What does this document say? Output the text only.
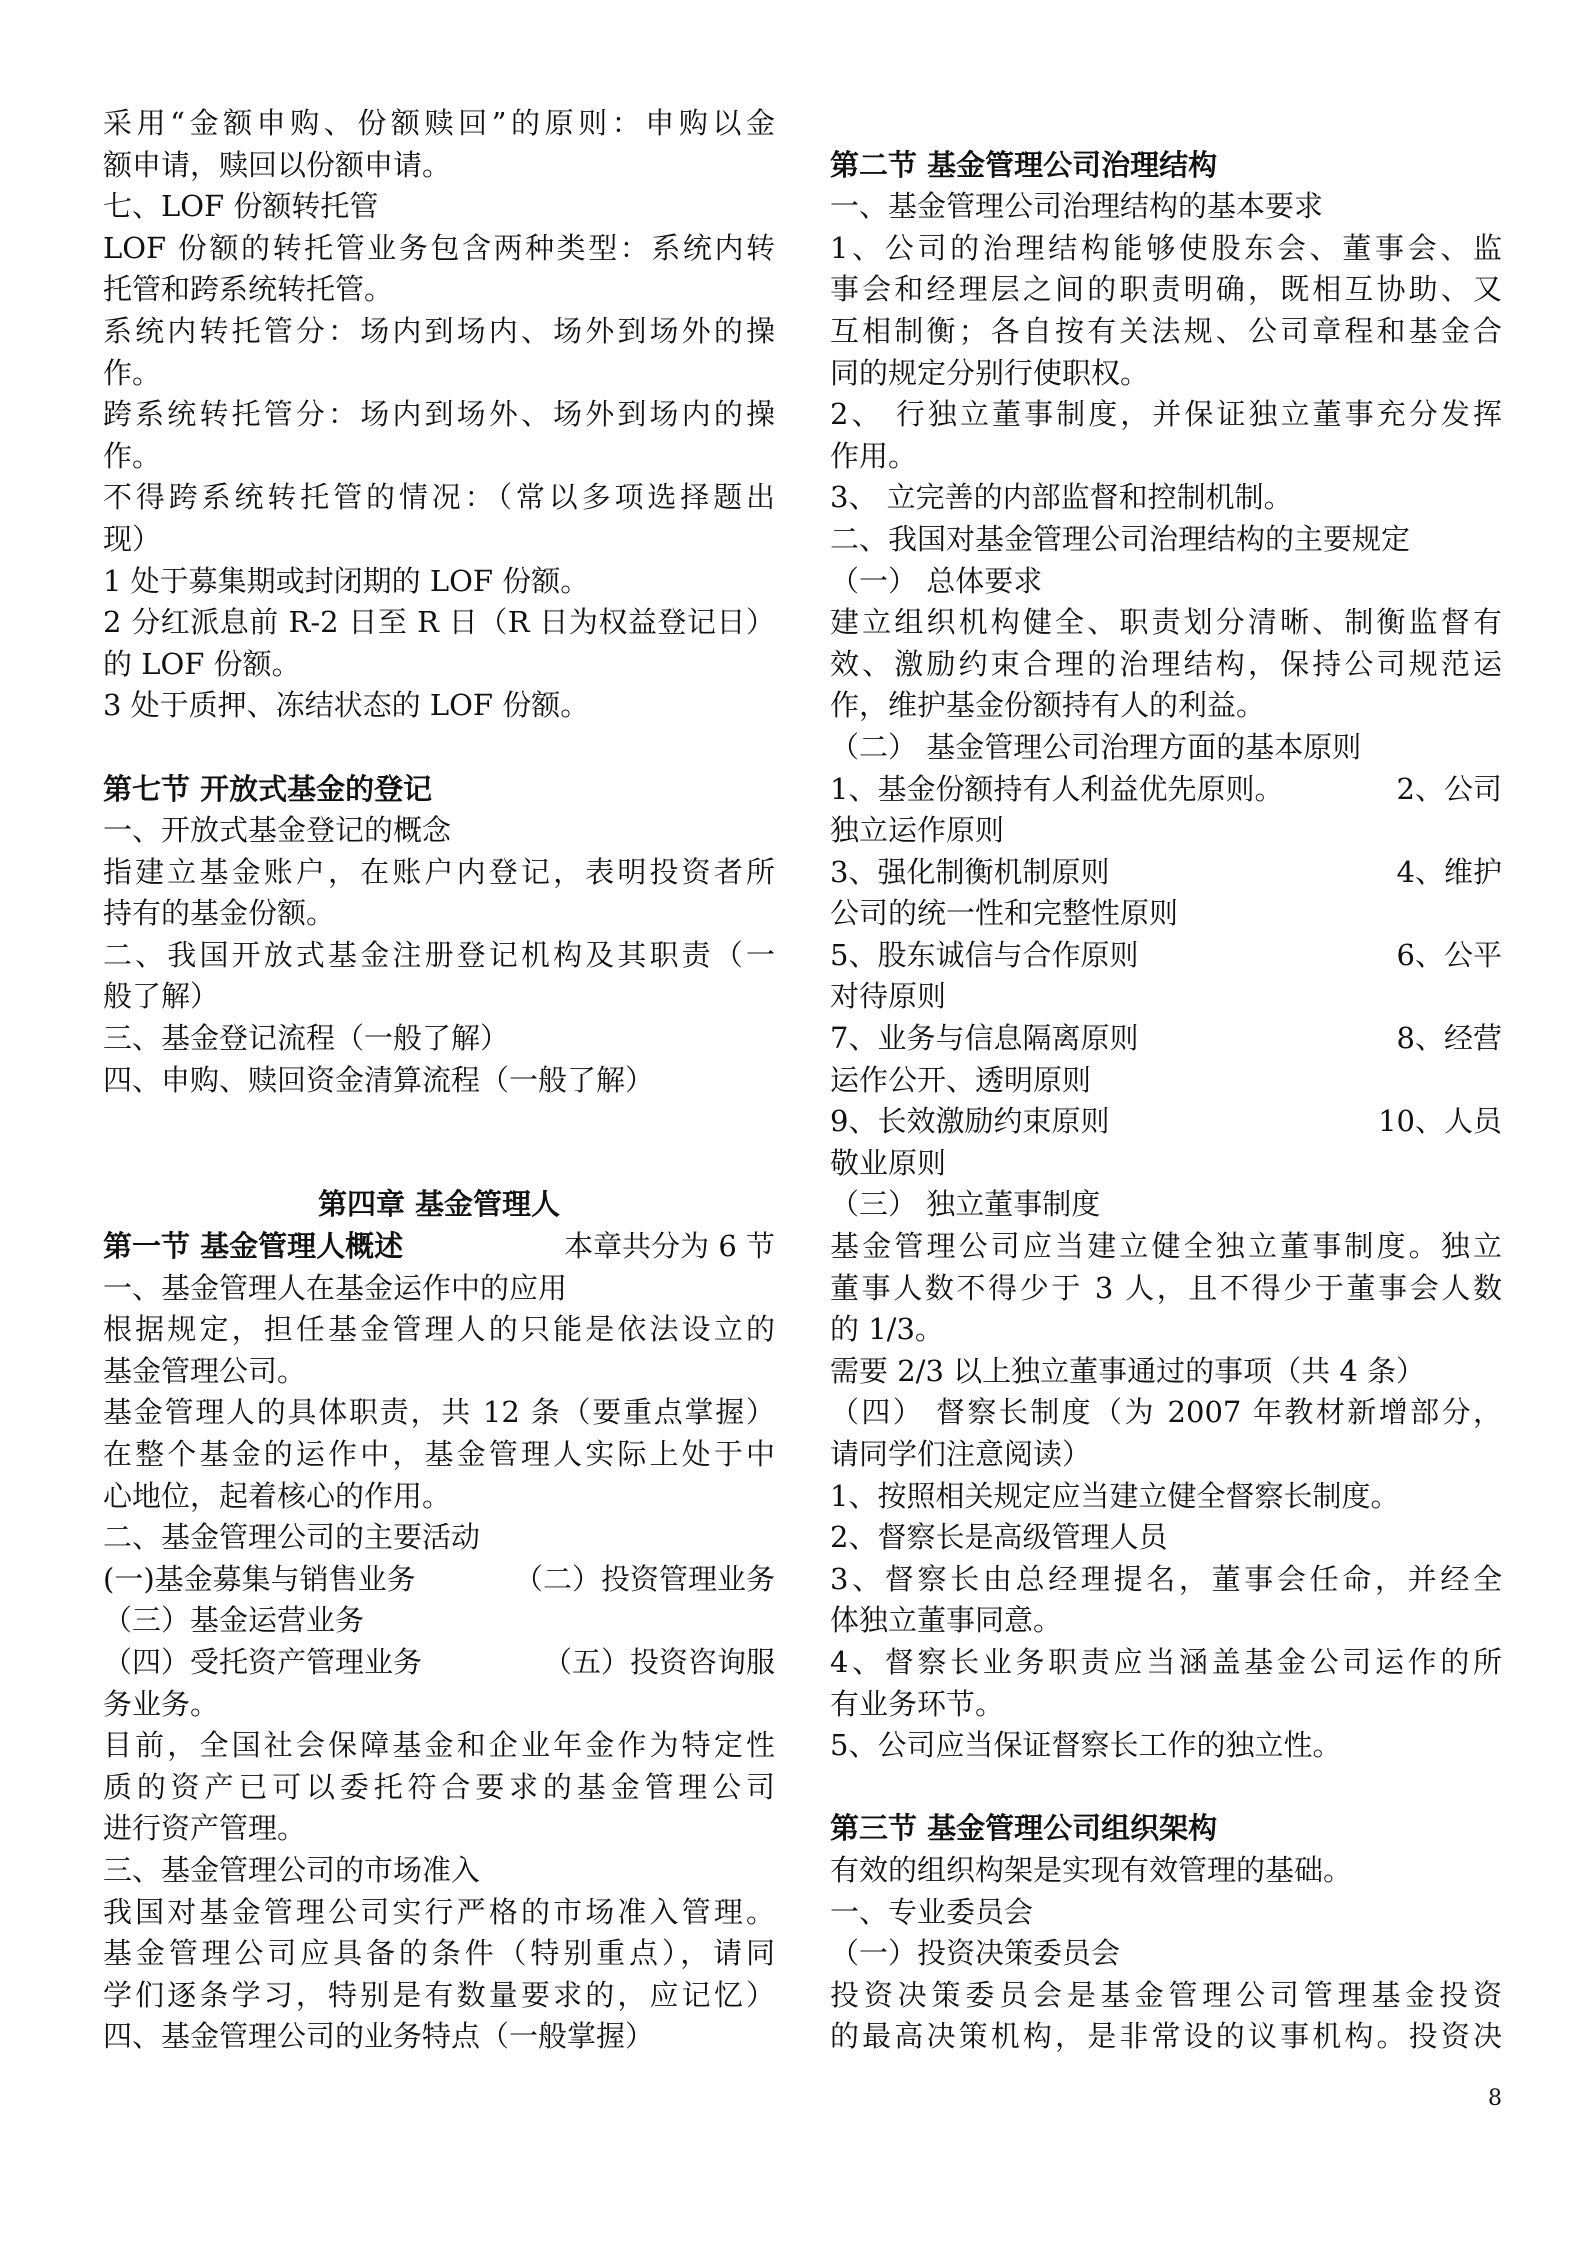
采用“金额申购、份额赎回”的原则：申购以金
额申请，赎回以份额申请。
七、LOF 份额转托管
LOF 份额的转托管业务包含两种类型：系统内转
托管和跨系统转托管。
系统内转托管分：场内到场内、场外到场外的操
作。
跨系统转托管分：场内到场外、场外到场内的操
作。
不得跨系统转托管的情况：（常以多项选择题出
现）
1 处于募集期或封闭期的 LOF 份额。
2 分红派息前 R-2 日至 R 日（R 日为权益登记日）
的 LOF 份额。
3 处于质押、冻结状态的 LOF 份额。
第七节 开放式基金的登记
一、开放式基金登记的概念
指建立基金账户，在账户内登记，表明投资者所
持有的基金份额。
二、我国开放式基金注册登记机构及其职责（一
般了解）
三、基金登记流程（一般了解）
四、申购、赎回资金清算流程（一般了解）
第四章 基金管理人
第一节 基金管理人概述	本章共分为 6 节
一、基金管理人在基金运作中的应用
根据规定，担任基金管理人的只能是依法设立的
基金管理公司。
基金管理人的具体职责，共 12 条（要重点掌握）
在整个基金的运作中，基金管理人实际上处于中
心地位，起着核心的作用。
二、基金管理公司的主要活动
(一)基金募集与销售业务	（二）投资管理业务
（三）基金运营业务
（四）受托资产管理业务	（五）投资咨询服
务业务。
目前，全国社会保障基金和企业年金作为特定性
质的资产已可以委托符合要求的基金管理公司
进行资产管理。
三、基金管理公司的市场准入
我国对基金管理公司实行严格的市场准入管理。
基金管理公司应具备的条件（特别重点），请同
学们逐条学习，特别是有数量要求的，应记忆）
四、基金管理公司的业务特点（一般掌握）
第二节 基金管理公司治理结构
一、基金管理公司治理结构的基本要求
1、公司的治理结构能够使股东会、董事会、监
事会和经理层之间的职责明确，既相互协助、又
互相制衡；各自按有关法规、公司章程和基金合
同的规定分别行使职权。
2、 行独立董事制度，并保证独立董事充分发挥
作用。
3、 立完善的内部监督和控制机制。
二、我国对基金管理公司治理结构的主要规定
（一） 总体要求
建立组织机构健全、职责划分清晰、制衡监督有
效、激励约束合理的治理结构，保持公司规范运
作，维护基金份额持有人的利益。
（二） 基金管理公司治理方面的基本原则
1、基金份额持有人利益优先原则。	2、公司
独立运作原则
3、强化制衡机制原则	4、维护
公司的统一性和完整性原则
5、股东诚信与合作原则	6、公平
对待原则
7、业务与信息隔离原则	8、经营
运作公开、透明原则
9、长效激励约束原则	10、人员
敬业原则
（三） 独立董事制度
基金管理公司应当建立健全独立董事制度。独立
董事人数不得少于 3 人，且不得少于董事会人数
的 1/3。
需要 2/3 以上独立董事通过的事项（共 4 条）
（四） 督察长制度（为 2007 年教材新增部分，
请同学们注意阅读）
1、按照相关规定应当建立健全督察长制度。
2、督察长是高级管理人员
3、督察长由总经理提名，董事会任命，并经全
体独立董事同意。
4、督察长业务职责应当涵盖基金公司运作的所
有业务环节。
5、公司应当保证督察长工作的独立性。
第三节 基金管理公司组织架构
有效的组织构架是实现有效管理的基础。
一、专业委员会
（一）投资决策委员会
投资决策委员会是基金管理公司管理基金投资
的最高决策机构，是非常设的议事机构。投资决
8
